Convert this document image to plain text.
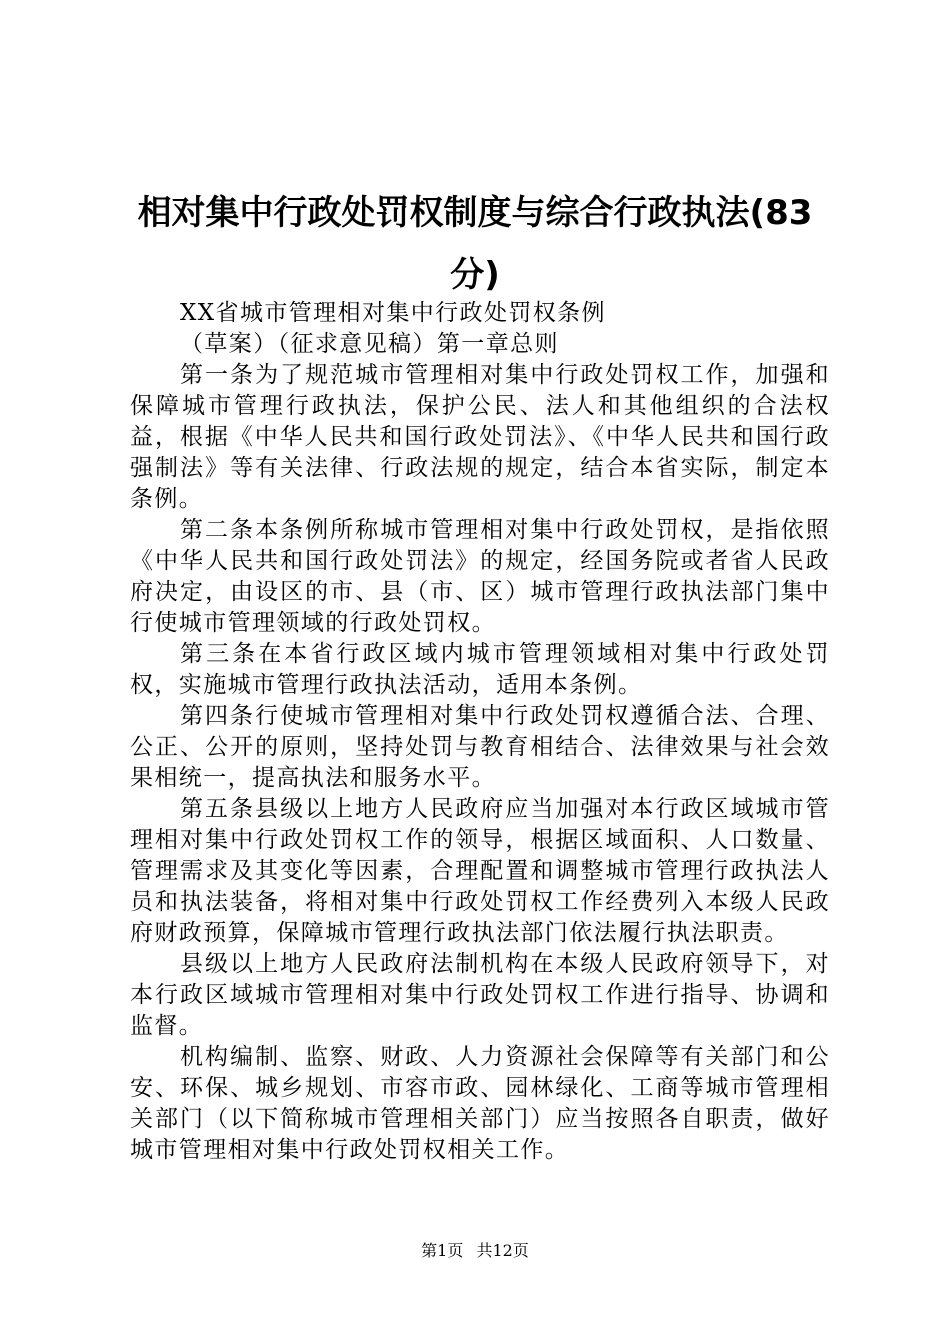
相对集中行政处罚权制度与综合行政执法(83分)

XX省城市管理相对集中行政处罚权条例

（草案）（征求意见稿）第一章总则

第一条为了规范城市管理相对集中行政处罚权工作，加强和保障城市管理行政执法，保护公民、法人和其他组织的合法权益，根据《中华人民共和国行政处罚法》、《中华人民共和国行政强制法》等有关法律、行政法规的规定，结合本省实际，制定本条例。

第二条本条例所称城市管理相对集中行政处罚权，是指依照《中华人民共和国行政处罚法》的规定，经国务院或者省人民政府决定，由设区的市、县（市、区）城市管理行政执法部门集中行使城市管理领域的行政处罚权。

第三条在本省行政区域内城市管理领域相对集中行政处罚权，实施城市管理行政执法活动，适用本条例。

第四条行使城市管理相对集中行政处罚权遵循合法、合理、公正、公开的原则，坚持处罚与教育相结合、法律效果与社会效果相统一，提高执法和服务水平。

第五条县级以上地方人民政府应当加强对本行政区域城市管理相对集中行政处罚权工作的领导，根据区域面积、人口数量、管理需求及其变化等因素，合理配置和调整城市管理行政执法人员和执法装备，将相对集中行政处罚权工作经费列入本级人民政府财政预算，保障城市管理行政执法部门依法履行执法职责。

县级以上地方人民政府法制机构在本级人民政府领导下，对本行政区域城市管理相对集中行政处罚权工作进行指导、协调和监督。

机构编制、监察、财政、人力资源社会保障等有关部门和公安、环保、城乡规划、市容市政、园林绿化、工商等城市管理相关部门（以下简称城市管理相关部门）应当按照各自职责，做好城市管理相对集中行政处罚权相关工作。

第1页 共12页
